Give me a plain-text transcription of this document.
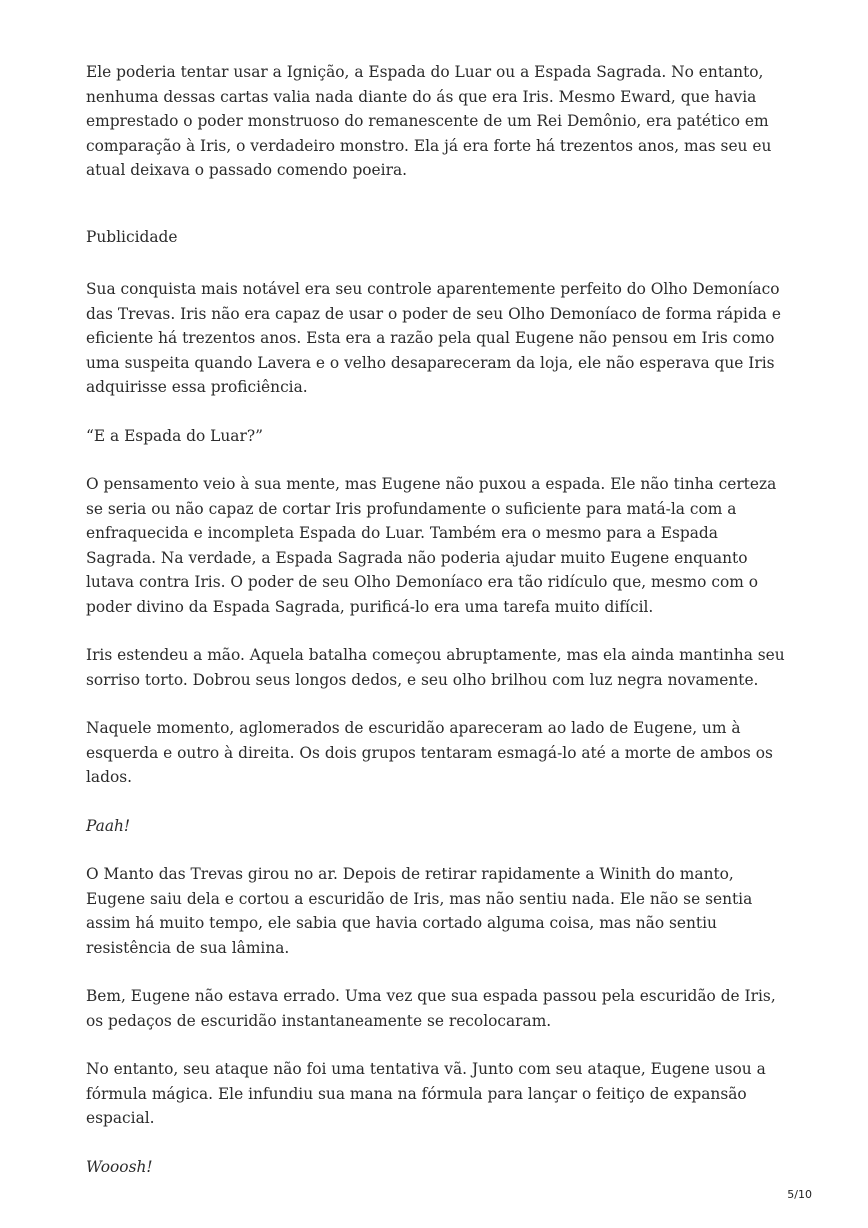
Ele poderia tentar usar a Ignição, a Espada do Luar ou a Espada Sagrada. No entanto, nenhuma dessas cartas valia nada diante do ás que era Iris. Mesmo Eward, que havia emprestado o poder monstruoso do remanescente de um Rei Demônio, era patético em comparação à Iris, o verdadeiro monstro. Ela já era forte há trezentos anos, mas seu eu atual deixava o passado comendo poeira.

Publicidade

Sua conquista mais notável era seu controle aparentemente perfeito do Olho Demoníaco das Trevas. Iris não era capaz de usar o poder de seu Olho Demoníaco de forma rápida e eficiente há trezentos anos. Esta era a razão pela qual Eugene não pensou em Iris como uma suspeita quando Lavera e o velho desapareceram da loja, ele não esperava que Iris adquirisse essa proficiência.

“E a Espada do Luar?”

O pensamento veio à sua mente, mas Eugene não puxou a espada. Ele não tinha certeza se seria ou não capaz de cortar Iris profundamente o suficiente para matá-la com a enfraquecida e incompleta Espada do Luar. Também era o mesmo para a Espada Sagrada. Na verdade, a Espada Sagrada não poderia ajudar muito Eugene enquanto lutava contra Iris. O poder de seu Olho Demoníaco era tão ridículo que, mesmo com o poder divino da Espada Sagrada, purificá-lo era uma tarefa muito difícil.

Iris estendeu a mão. Aquela batalha começou abruptamente, mas ela ainda mantinha seu sorriso torto. Dobrou seus longos dedos, e seu olho brilhou com luz negra novamente.

Naquele momento, aglomerados de escuridão apareceram ao lado de Eugene, um à esquerda e outro à direita. Os dois grupos tentaram esmagá-lo até a morte de ambos os lados.

Paah!

O Manto das Trevas girou no ar. Depois de retirar rapidamente a Winith do manto, Eugene saiu dela e cortou a escuridão de Iris, mas não sentiu nada. Ele não se sentia assim há muito tempo, ele sabia que havia cortado alguma coisa, mas não sentiu resistência de sua lâmina.

Bem, Eugene não estava errado. Uma vez que sua espada passou pela escuridão de Iris, os pedaços de escuridão instantaneamente se recolocaram.

No entanto, seu ataque não foi uma tentativa vã. Junto com seu ataque, Eugene usou a fórmula mágica. Ele infundiu sua mana na fórmula para lançar o feitiço de expansão espacial.

Wooosh!

5/10
